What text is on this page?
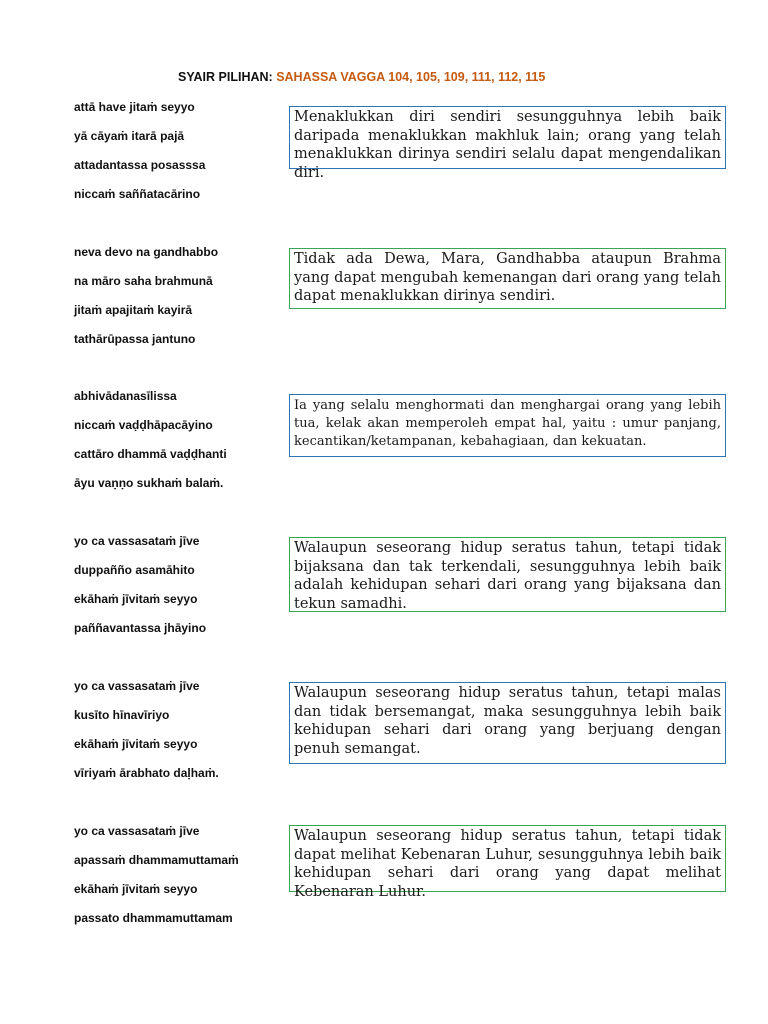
SYAIR PILIHAN: SAHASSA VAGGA 104, 105, 109, 111, 112, 115
attā have jitaṁ seyyo
yā cāyaṁ itarā pajā
attadantassa posasssa
niccaṁ saññatacārino
Menaklukkan diri sendiri sesungguhnya lebih baik daripada menaklukkan makhluk lain; orang yang telah menaklukkan dirinya sendiri selalu dapat mengendalikan diri.
neva devo na gandhabbo
na māro saha brahmunā
jitaṁ apajitaṁ kayirā
tathārūpassa jantuno
Tidak ada Dewa, Mara, Gandhabba ataupun Brahma yang dapat mengubah kemenangan dari orang yang telah dapat menaklukkan dirinya sendiri.
abhivādanasīlissa
niccaṁ vaḍḍhāpacāyino
cattāro dhammā vaḍḍhanti
āyu vaṇṇo sukhaṁ balaṁ.
Ia yang selalu menghormati dan menghargai orang yang lebih tua, kelak akan memperoleh empat hal, yaitu : umur panjang, kecantikan/ketampanan, kebahagiaan, dan kekuatan.
yo ca vassasataṁ jīve
duppañño asamāhito
ekāhaṁ jīvitaṁ seyyo
paññavantassa jhāyino
Walaupun seseorang hidup seratus tahun, tetapi tidak bijaksana dan tak terkendali, sesungguhnya lebih baik adalah kehidupan sehari dari orang yang bijaksana dan tekun samadhi.
yo ca vassasataṁ jīve
kusīto hīnavīriyo
ekāhaṁ jīvitaṁ seyyo
vīriyaṁ ārabhato daḷhaṁ.
Walaupun seseorang hidup seratus tahun, tetapi malas dan tidak bersemangat, maka sesungguhnya lebih baik kehidupan sehari dari orang yang berjuang dengan penuh semangat.
yo ca vassasataṁ jīve
apassaṁ dhammamuttamaṁ
ekāhaṁ jīvitaṁ seyyo
passato dhammamuttamam
Walaupun seseorang hidup seratus tahun, tetapi tidak dapat melihat Kebenaran Luhur, sesungguhnya lebih baik kehidupan sehari dari orang yang dapat melihat Kebenaran Luhur.
